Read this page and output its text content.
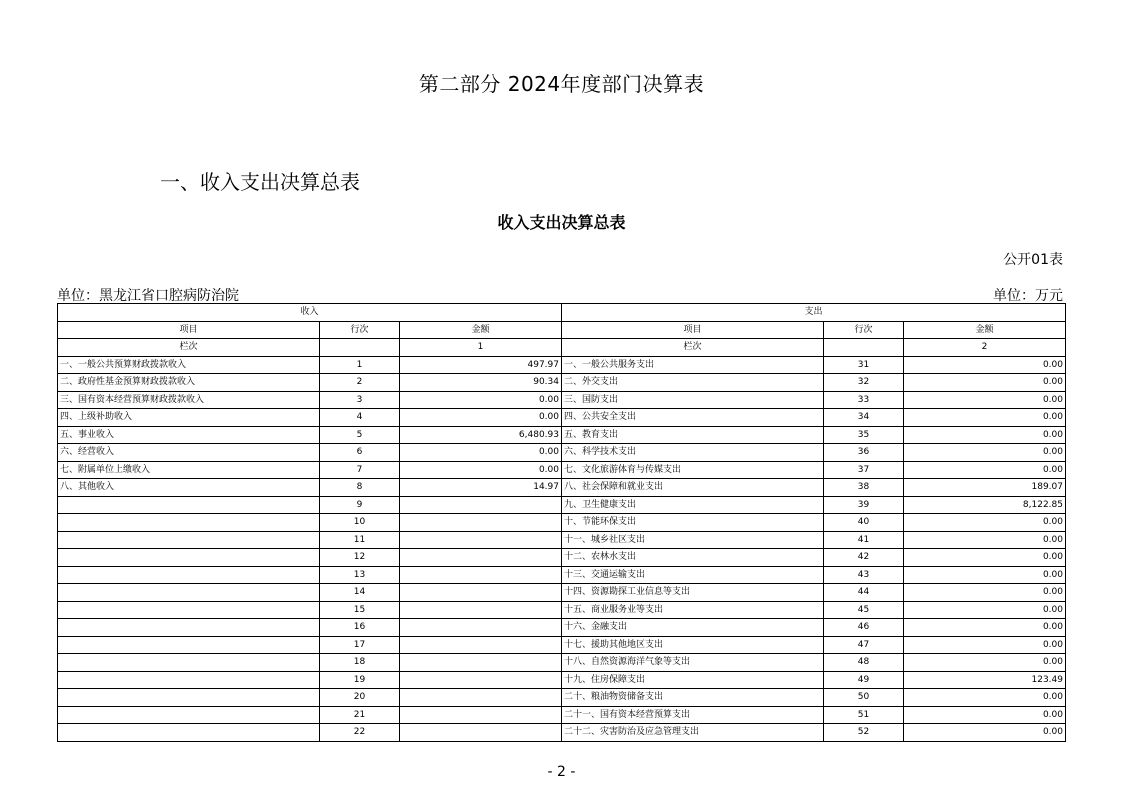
第二部分 2024年度部门决算表
一、收入支出决算总表
收入支出决算总表
公开01表
单位：黑龙江省口腔病防治院	单位：万元
收入			支出		
项目	行次	金额	项目	行次	金额
栏次		1	栏次		2
一、一般公共预算财政拨款收入	1	497.97	一、一般公共服务支出	31	0.00
二、政府性基金预算财政拨款收入	2	90.34	二、外交支出	32	0.00
三、国有资本经营预算财政拨款收入	3	0.00	三、国防支出	33	0.00
四、上级补助收入	4	0.00	四、公共安全支出	34	0.00
五、事业收入	5	6,480.93	五、教育支出	35	0.00
六、经营收入	6	0.00	六、科学技术支出	36	0.00
七、附属单位上缴收入	7	0.00	七、文化旅游体育与传媒支出	37	0.00
八、其他收入	8	14.97	八、社会保障和就业支出	38	189.07
	9		九、卫生健康支出	39	8,122.85
	10		十、节能环保支出	40	0.00
	11		十一、城乡社区支出	41	0.00
	12		十二、农林水支出	42	0.00
	13		十三、交通运输支出	43	0.00
	14		十四、资源勘探工业信息等支出	44	0.00
	15		十五、商业服务业等支出	45	0.00
	16		十六、金融支出	46	0.00
	17		十七、援助其他地区支出	47	0.00
	18		十八、自然资源海洋气象等支出	48	0.00
	19		十九、住房保障支出	49	123.49
	20		二十、粮油物资储备支出	50	0.00
	21		二十一、国有资本经营预算支出	51	0.00
	22		二十二、灾害防治及应急管理支出	52	0.00
- 2 -
